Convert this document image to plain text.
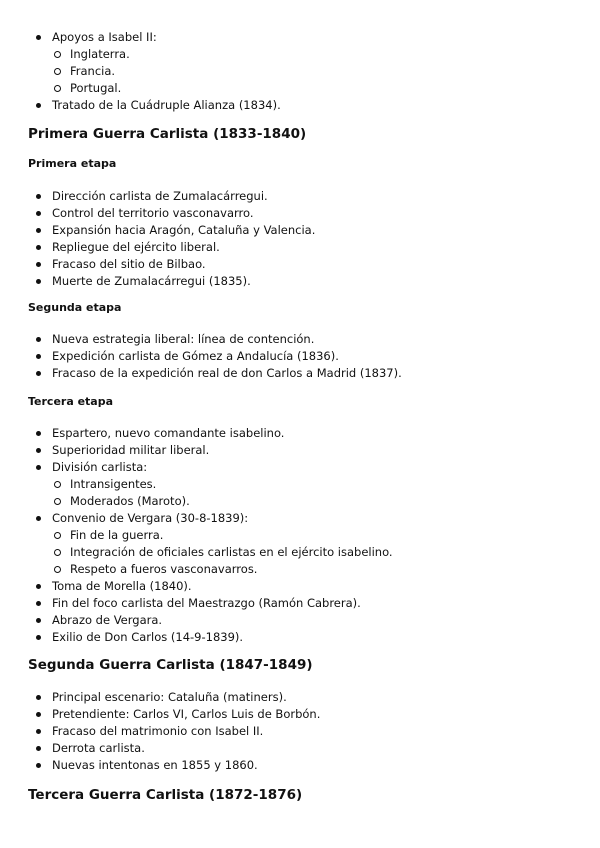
Apoyos a Isabel II:
Inglaterra.
Francia.
Portugal.
Tratado de la Cuádruple Alianza (1834).
Primera Guerra Carlista (1833-1840)
Primera etapa
Dirección carlista de Zumalacárregui.
Control del territorio vasconavarro.
Expansión hacia Aragón, Cataluña y Valencia.
Repliegue del ejército liberal.
Fracaso del sitio de Bilbao.
Muerte de Zumalacárregui (1835).
Segunda etapa
Nueva estrategia liberal: línea de contención.
Expedición carlista de Gómez a Andalucía (1836).
Fracaso de la expedición real de don Carlos a Madrid (1837).
Tercera etapa
Espartero, nuevo comandante isabelino.
Superioridad militar liberal.
División carlista:
Intransigentes.
Moderados (Maroto).
Convenio de Vergara (30-8-1839):
Fin de la guerra.
Integración de oficiales carlistas en el ejército isabelino.
Respeto a fueros vasconavarros.
Toma de Morella (1840).
Fin del foco carlista del Maestrazgo (Ramón Cabrera).
Abrazo de Vergara.
Exilio de Don Carlos (14-9-1839).
Segunda Guerra Carlista (1847-1849)
Principal escenario: Cataluña (matiners).
Pretendiente: Carlos VI, Carlos Luis de Borbón.
Fracaso del matrimonio con Isabel II.
Derrota carlista.
Nuevas intentonas en 1855 y 1860.
Tercera Guerra Carlista (1872-1876)
